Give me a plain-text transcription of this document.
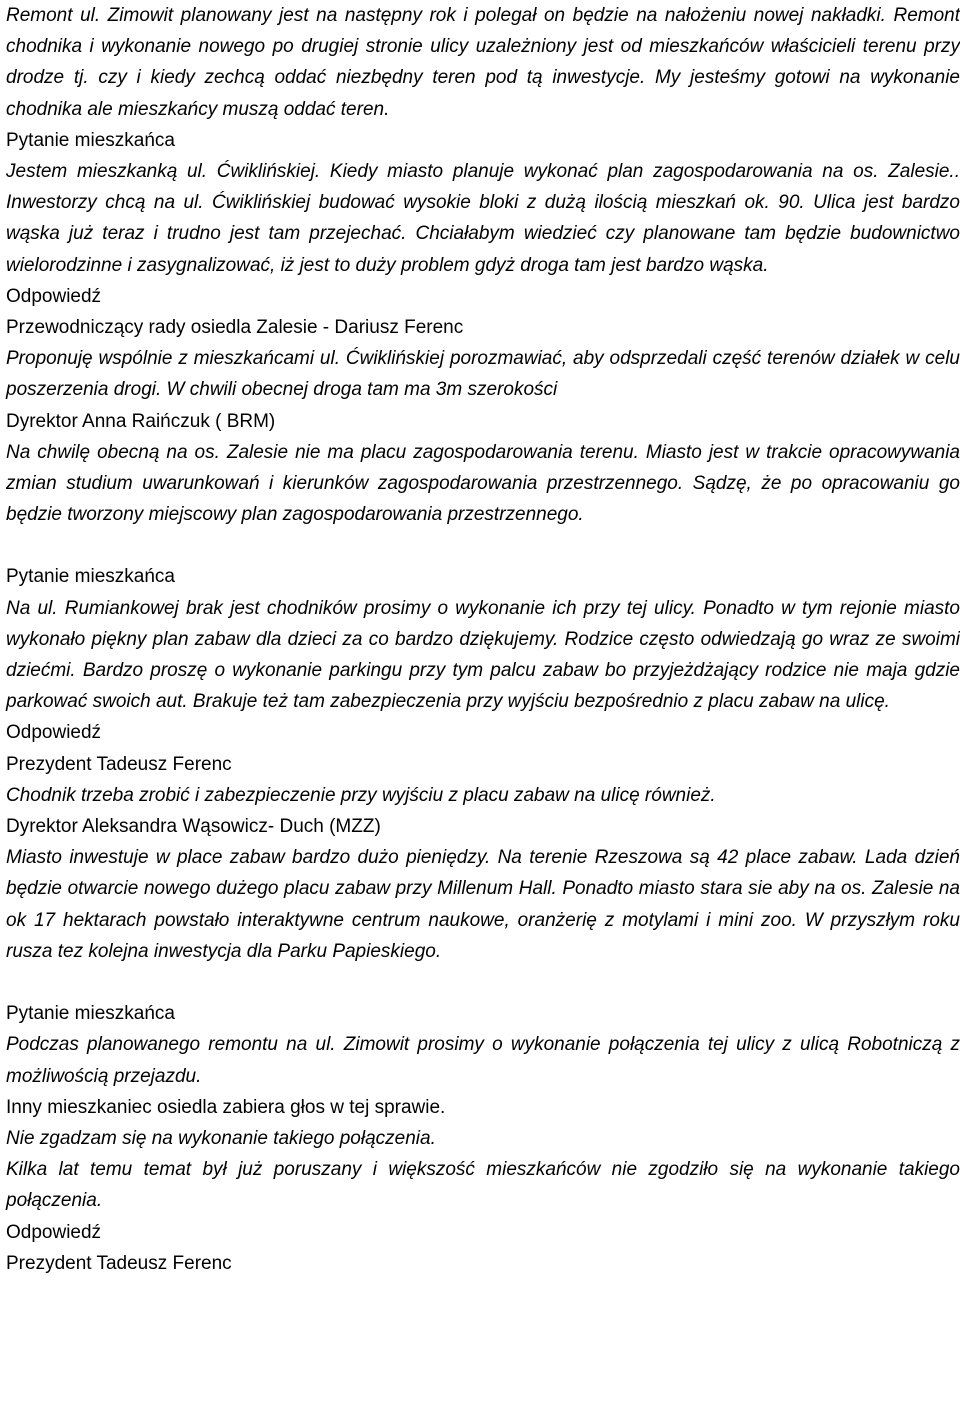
Remont ul. Zimowit planowany jest na następny rok i polegał on będzie na nałożeniu nowej nakładki. Remont chodnika i wykonanie nowego po drugiej stronie ulicy uzależniony jest od mieszkańców właścicieli terenu przy drodze tj. czy i kiedy zechcą oddać niezbędny teren pod tą inwestycje. My jesteśmy gotowi na wykonanie chodnika ale mieszkańcy muszą oddać teren.

Pytanie mieszkańca

Jestem mieszkanką ul. Ćwiklińskiej. Kiedy miasto planuje wykonać plan zagospodarowania na os. Zalesie.. Inwestorzy chcą na ul. Ćwiklińskiej budować wysokie bloki z dużą ilością mieszkań ok. 90. Ulica jest bardzo wąska już teraz i trudno jest tam przejechać. Chciałabym wiedzieć czy planowane tam będzie budownictwo wielorodzinne i zasygnalizować, iż jest to duży problem gdyż droga tam jest bardzo wąska.

Odpowiedź

Przewodniczący rady osiedla Zalesie - Dariusz Ferenc

Proponuję wspólnie z mieszkańcami ul. Ćwiklińskiej porozmawiać, aby odsprzedali część terenów działek w celu poszerzenia drogi. W chwili obecnej droga tam ma 3m szerokości

Dyrektor Anna Raińczuk ( BRM)

Na chwilę obecną na os. Zalesie nie ma placu zagospodarowania terenu. Miasto jest w trakcie opracowywania zmian studium uwarunkowań i kierunków zagospodarowania przestrzennego. Sądzę, że po opracowaniu go będzie tworzony miejscowy plan zagospodarowania przestrzennego.

Pytanie mieszkańca

Na ul. Rumiankowej brak jest chodników prosimy o wykonanie ich przy tej ulicy. Ponadto w tym rejonie miasto wykonało piękny plan zabaw dla dzieci za co bardzo dziękujemy. Rodzice często odwiedzają go wraz ze swoimi dziećmi. Bardzo proszę o wykonanie parkingu przy tym palcu zabaw bo przyjeżdżający rodzice nie maja gdzie parkować swoich aut. Brakuje też tam zabezpieczenia przy wyjściu bezpośrednio z placu zabaw na ulicę.

Odpowiedź

Prezydent Tadeusz Ferenc

Chodnik trzeba zrobić i zabezpieczenie przy wyjściu z placu zabaw na ulicę również.

Dyrektor Aleksandra Wąsowicz- Duch (MZZ)

Miasto inwestuje w place zabaw bardzo dużo pieniędzy. Na terenie Rzeszowa są 42 place zabaw. Lada dzień będzie otwarcie nowego dużego placu zabaw przy Millenum Hall. Ponadto miasto stara sie aby na os. Zalesie na ok 17 hektarach powstało interaktywne centrum naukowe, oranżerię z motylami i mini zoo. W przyszłym roku rusza tez kolejna inwestycja dla Parku Papieskiego.

Pytanie mieszkańca

Podczas planowanego remontu na ul. Zimowit prosimy o wykonanie połączenia tej ulicy z ulicą Robotniczą z możliwością przejazdu.

Inny mieszkaniec osiedla zabiera głos w tej sprawie.

Nie zgadzam się na wykonanie takiego połączenia.

Kilka lat temu temat był już poruszany i większość mieszkańców nie zgodziło się na wykonanie takiego połączenia.

Odpowiedź

Prezydent Tadeusz Ferenc
